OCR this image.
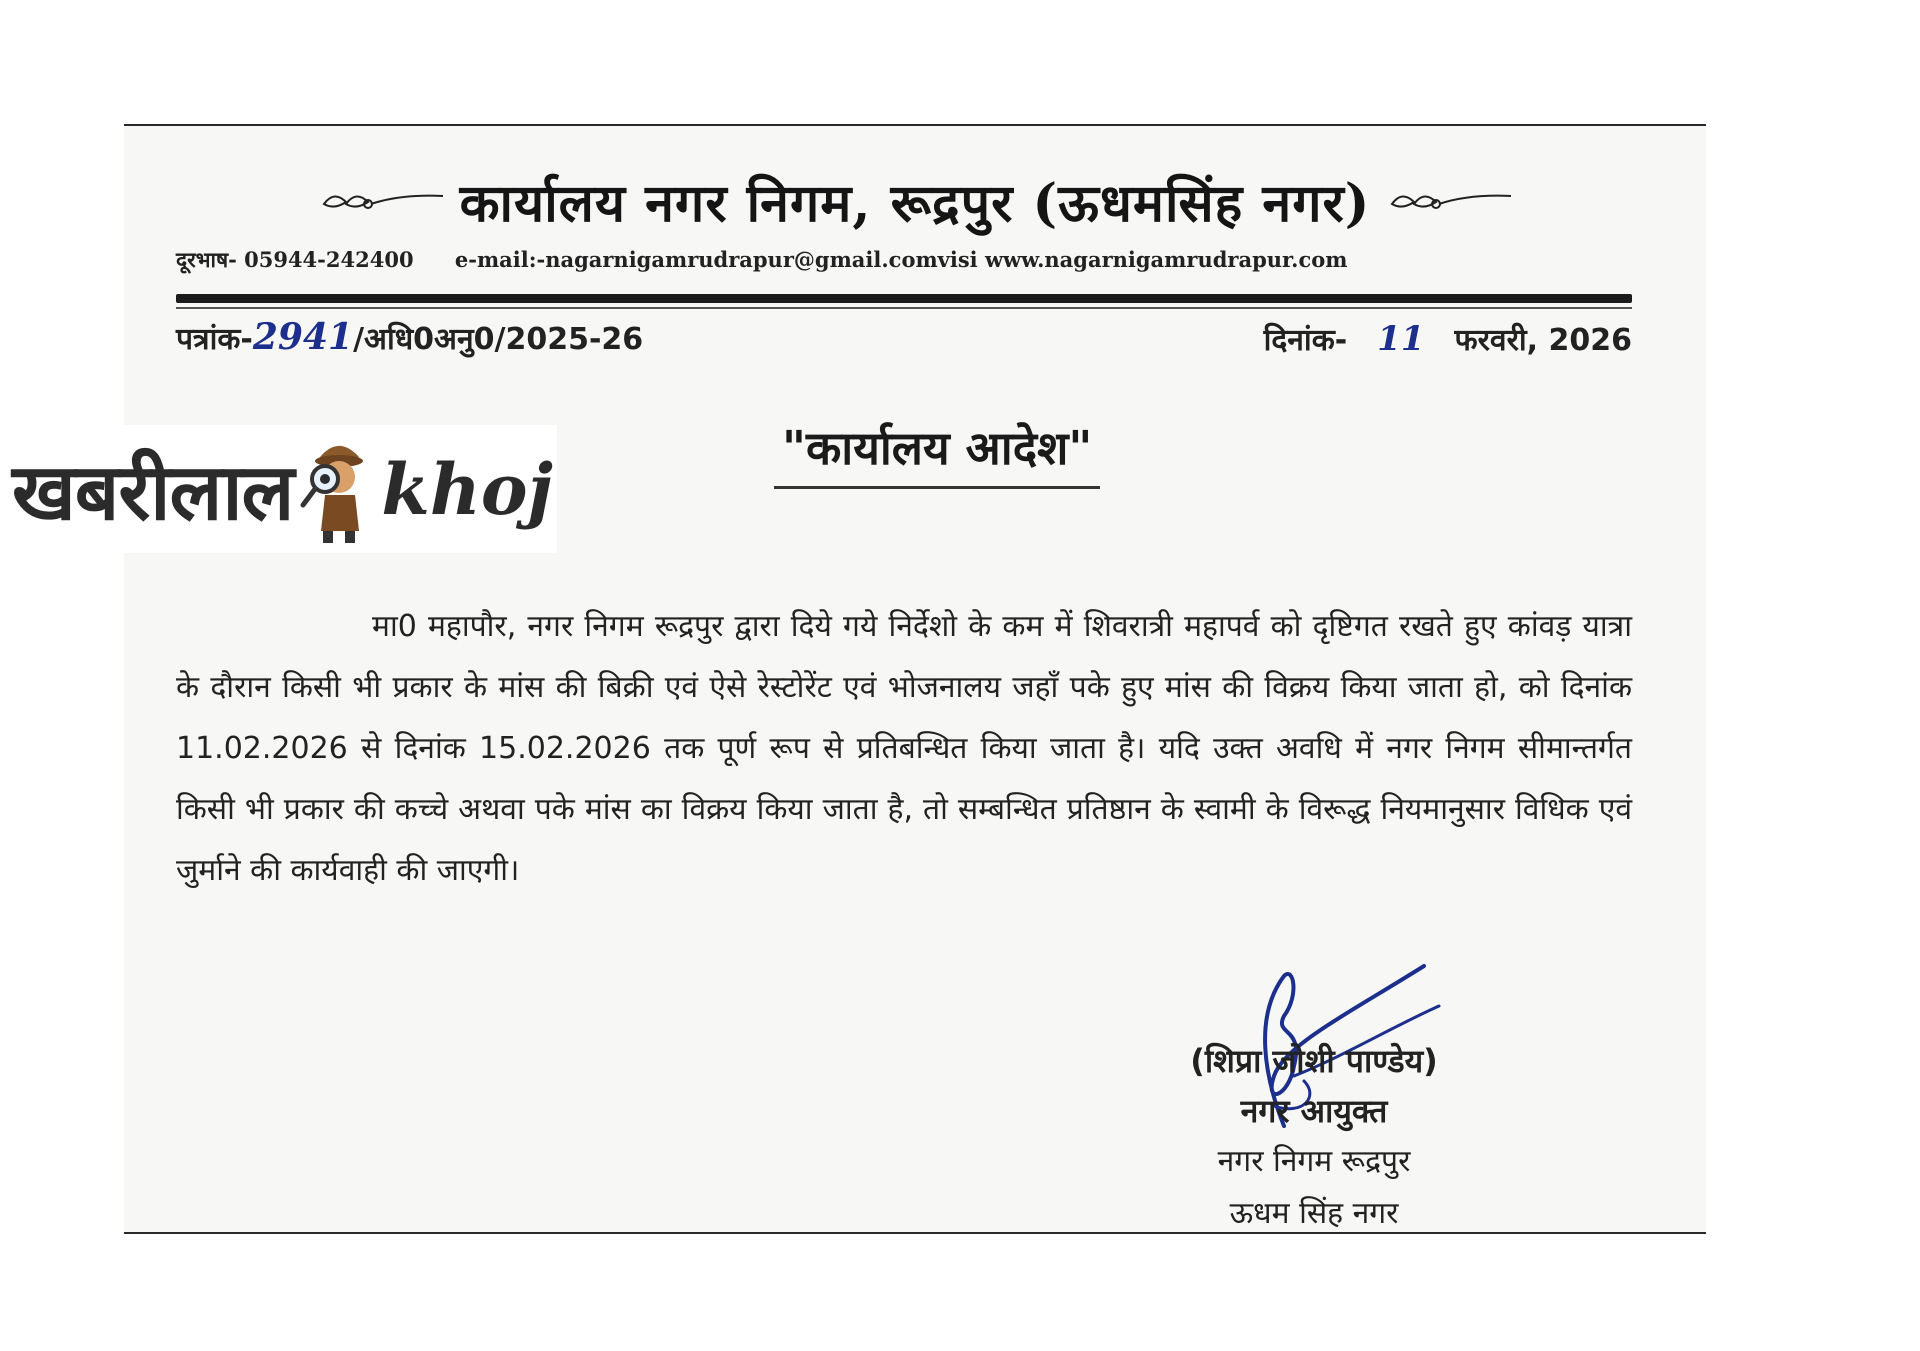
कार्यालय नगर निगम, रूद्रपुर (ऊधमसिंह नगर)
दूरभाष- 05944-242400 e-mail:-nagarnigamrudrapur@gmail.comvisi www.nagarnigamrudrapur.com
पत्रांक-2941/अधि0अनु0/2025-26	दिनांक- 11 फरवरी, 2026
"कार्यालय आदेश"

मा0 महापौर, नगर निगम रूद्रपुर द्वारा दिये गये निर्देशो के कम में शिवरात्री महापर्व को दृष्टिगत रखते हुए कांवड़ यात्रा के दौरान किसी भी प्रकार के मांस की बिक्री एवं ऐसे रेस्टोरेंट एवं भोजनालय जहाँ पके हुए मांस की विक्रय किया जाता हो, को दिनांक 11.02.2026 से दिनांक 15.02.2026 तक पूर्ण रूप से प्रतिबन्धित किया जाता है। यदि उक्त अवधि में नगर निगम सीमान्तर्गत किसी भी प्रकार की कच्चे अथवा पके मांस का विक्रय किया जाता है, तो सम्बन्धित प्रतिष्ठान के स्वामी के विरूद्ध नियमानुसार विधिक एवं जुर्माने की कार्यवाही की जाएगी।

(शिप्रा जोशी पाण्डेय)
नगर आयुक्त
नगर निगम रूद्रपुर
ऊधम सिंह नगर
खबरीलाल khoj
